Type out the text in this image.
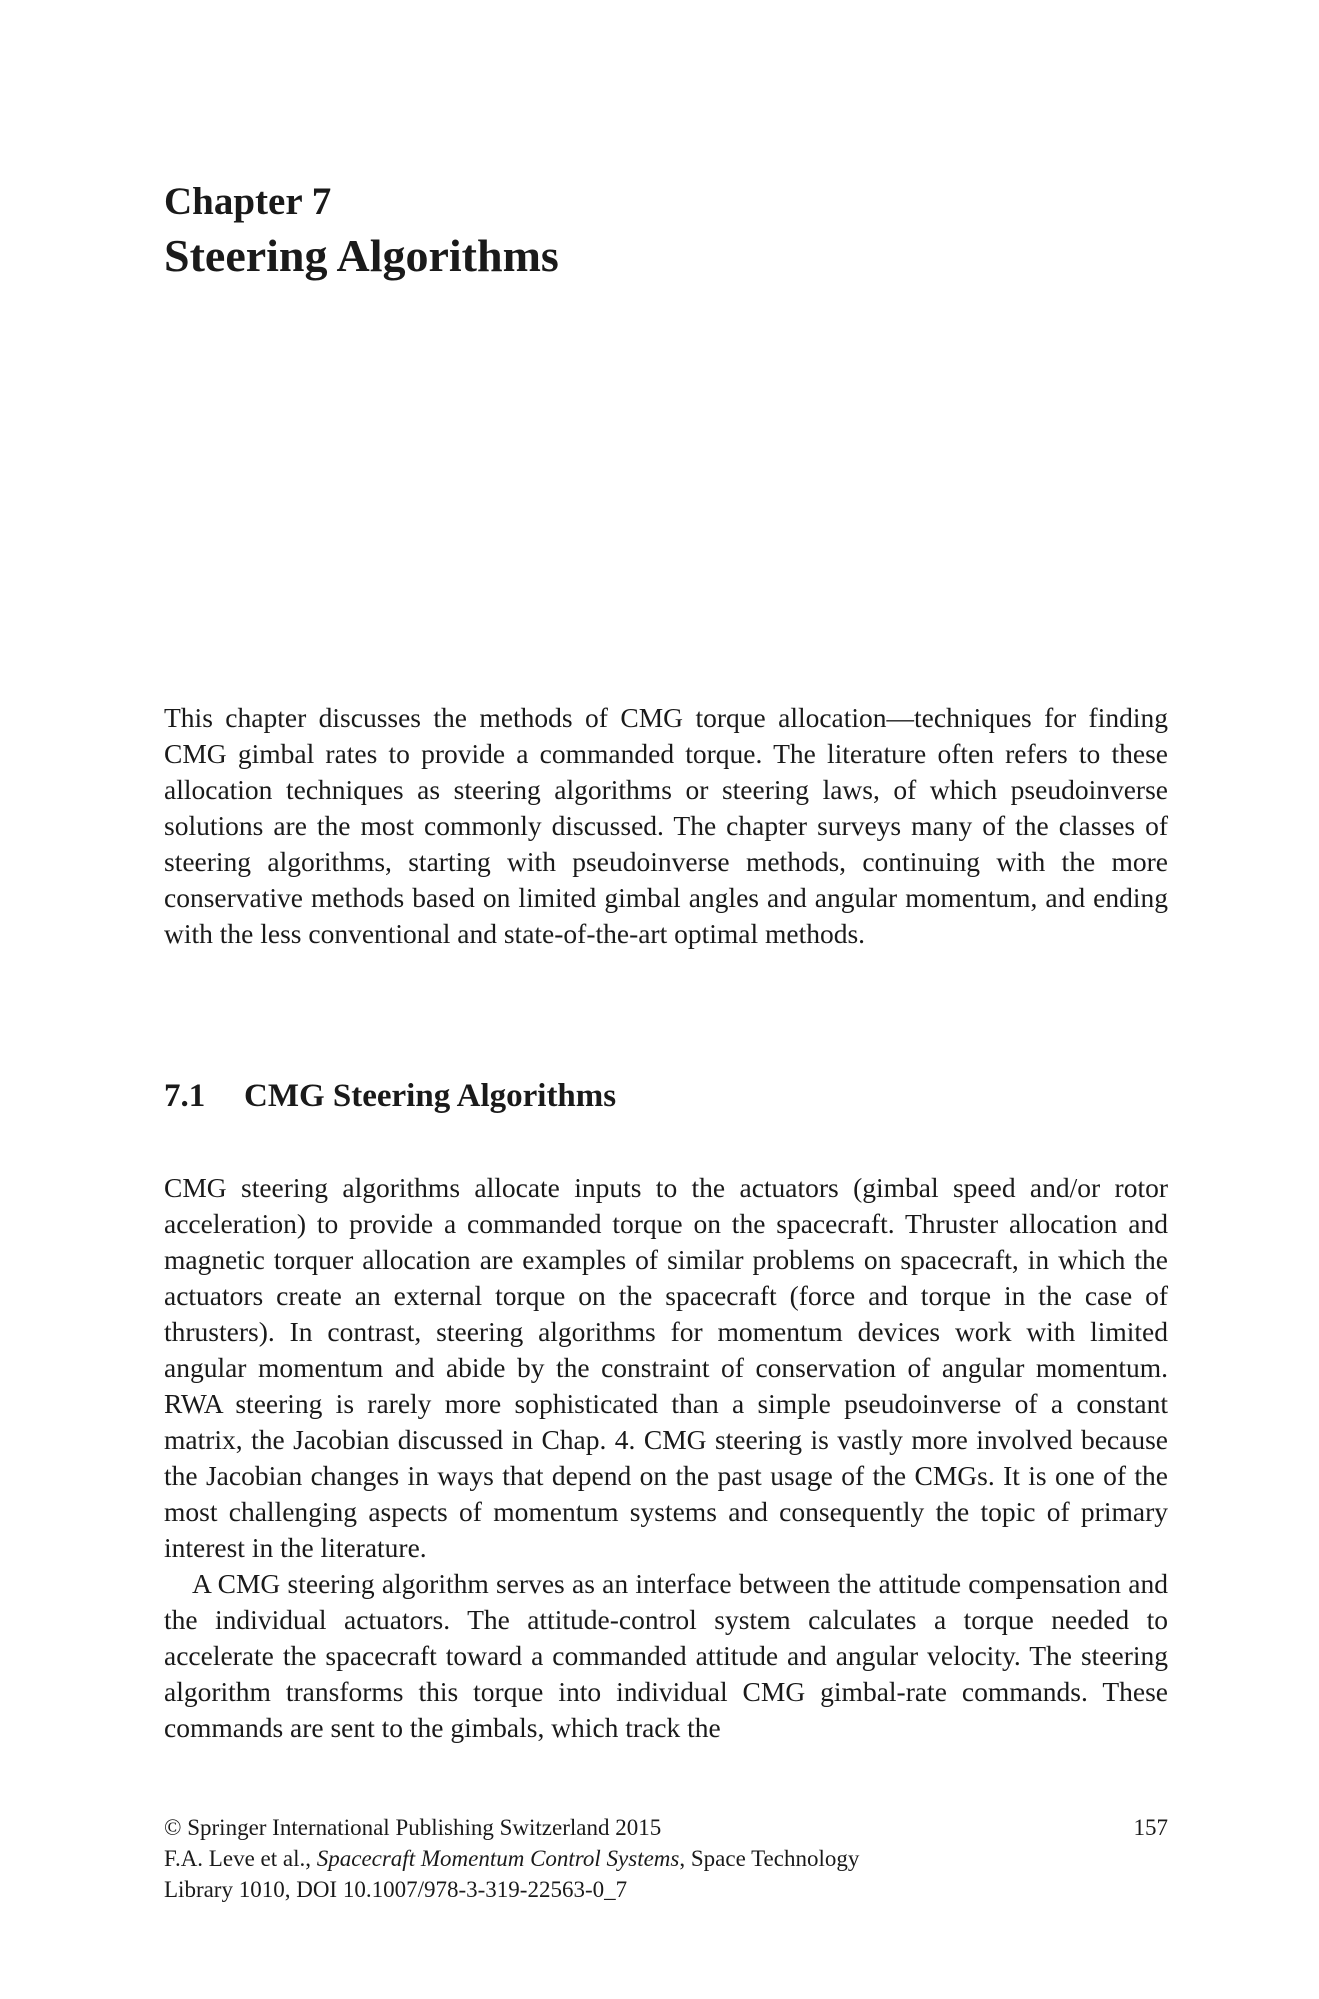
Chapter 7
Steering Algorithms

This chapter discusses the methods of CMG torque allocation—techniques for finding CMG gimbal rates to provide a commanded torque. The literature often refers to these allocation techniques as steering algorithms or steering laws, of which pseudoinverse solutions are the most commonly discussed. The chapter surveys many of the classes of steering algorithms, starting with pseudoinverse methods, continuing with the more conservative methods based on limited gimbal angles and angular momentum, and ending with the less conventional and state-of-the-art optimal methods.

7.1 CMG Steering Algorithms

CMG steering algorithms allocate inputs to the actuators (gimbal speed and/or rotor acceleration) to provide a commanded torque on the spacecraft. Thruster allocation and magnetic torquer allocation are examples of similar problems on spacecraft, in which the actuators create an external torque on the spacecraft (force and torque in the case of thrusters). In contrast, steering algorithms for momentum devices work with limited angular momentum and abide by the constraint of conservation of angular momentum. RWA steering is rarely more sophisticated than a simple pseudoinverse of a constant matrix, the Jacobian discussed in Chap. 4. CMG steering is vastly more involved because the Jacobian changes in ways that depend on the past usage of the CMGs. It is one of the most challenging aspects of momentum systems and consequently the topic of primary interest in the literature.

A CMG steering algorithm serves as an interface between the attitude compensation and the individual actuators. The attitude-control system calculates a torque needed to accelerate the spacecraft toward a commanded attitude and angular velocity. The steering algorithm transforms this torque into individual CMG gimbal-rate commands. These commands are sent to the gimbals, which track the

© Springer International Publishing Switzerland 2015	157
F.A. Leve et al., Spacecraft Momentum Control Systems, Space Technology
Library 1010, DOI 10.1007/978-3-319-22563-0_7
